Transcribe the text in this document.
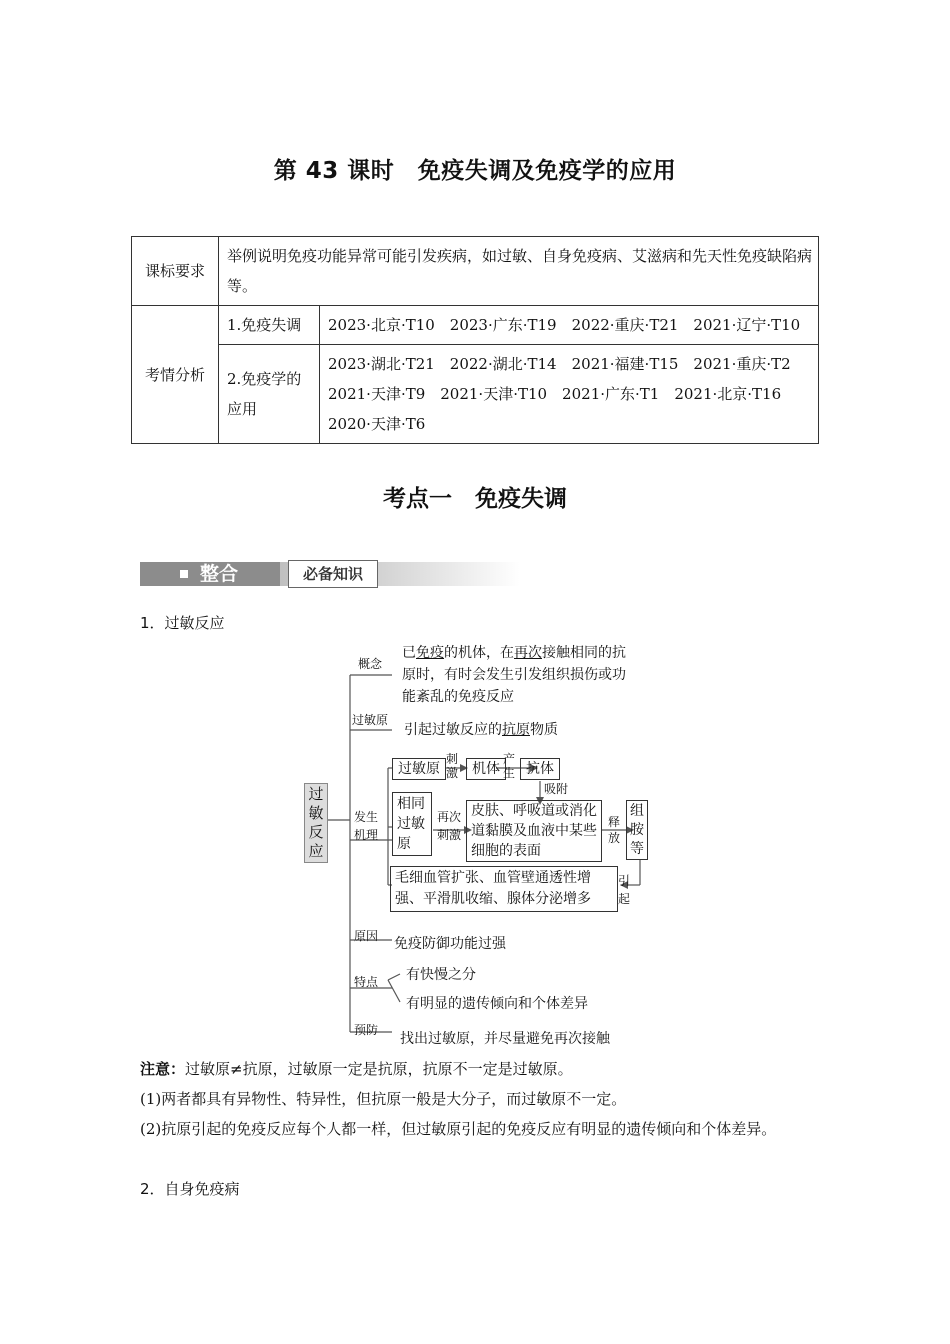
第 43 课时　免疫失调及免疫学的应用
课标要求	举例说明免疫功能异常可能引发疾病，如过敏、自身免疫病、艾滋病和先天性免疫缺陷病等。	
考情分析	1.免疫失调	2023·北京·T10　2023·广东·T19　2022·重庆·T21　2021·辽宁·T10
	2.免疫学的应用	2023·湖北·T21　2022·湖北·T14　2021·福建·T15　2021·重庆·T2
2021·天津·T9　2021·天津·T10　2021·广东·T1　2021·北京·T16
2020·天津·T6
考点一　免疫失调
整合	必备知识
1．过敏反应
过敏反应
概念
已免疫的机体，在再次接触相同的抗
原时，有时会发生引发组织损伤或功
能紊乱的免疫反应
过敏原
引起过敏反应的抗原物质
发生机理
过敏原
刺激 机体
产生 抗体
吸附
相同过敏原
再次刺激
皮肤、呼吸道或消化道黏膜及血液中某些细胞的表面
释放
组胺等
引起
毛细血管扩张、血管壁通透性增强、平滑肌收缩、腺体分泌增多
原因 免疫防御功能过强
特点 有快慢之分
有明显的遗传倾向和个体差异
预防
找出过敏原，并尽量避免再次接触
注意：过敏原≠抗原，过敏原一定是抗原，抗原不一定是过敏原。
(1)两者都具有异物性、特异性，但抗原一般是大分子，而过敏原不一定。
(2)抗原引起的免疫反应每个人都一样，但过敏原引起的免疫反应有明显的遗传倾向和个体差异。
2．自身免疫病
